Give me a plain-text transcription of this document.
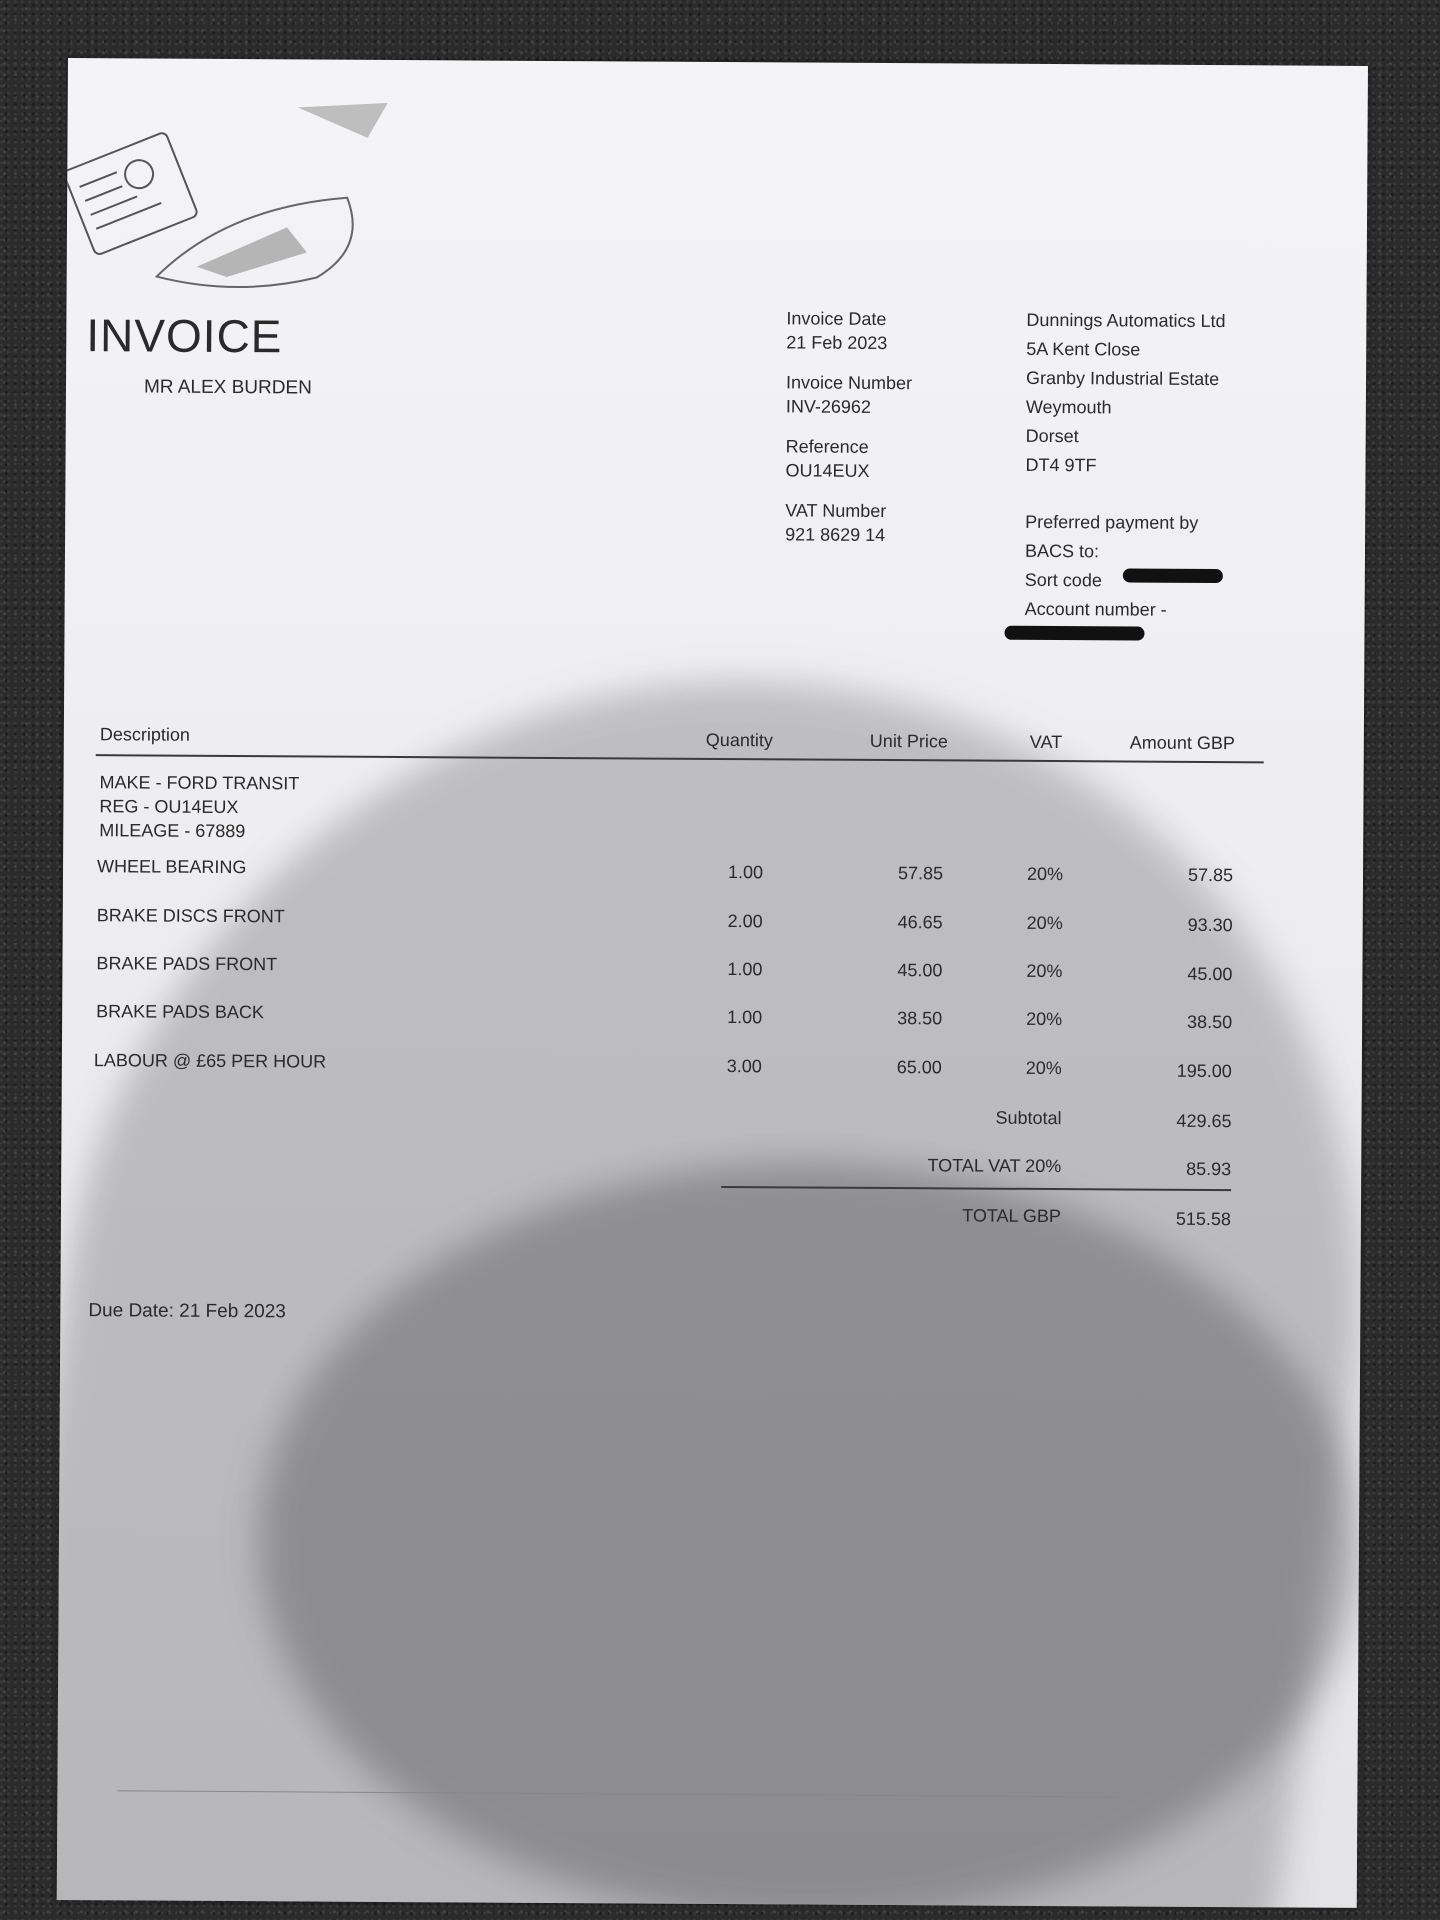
INVOICE
MR ALEX BURDEN
Invoice Date
21 Feb 2023
Invoice Number
INV-26962
Reference
OU14EUX
VAT Number
921 8629 14
Dunnings Automatics Ltd
5A Kent Close
Granby Industrial Estate
Weymouth
Dorset
DT4 9TF
Preferred payment by
BACS to:
Sort code
Account number -
Description	Quantity	Unit Price	VAT	Amount GBP
MAKE - FORD TRANSIT
REG - OU14EUX
MILEAGE - 67889
WHEEL BEARING	1.00	57.85	20%	57.85
BRAKE DISCS FRONT	2.00	46.65	20%	93.30
BRAKE PADS FRONT	1.00	45.00	20%	45.00
BRAKE PADS BACK	1.00	38.50	20%	38.50
LABOUR @ £65 PER HOUR	3.00	65.00	20%	195.00
Subtotal	429.65
TOTAL VAT 20%	85.93
TOTAL GBP	515.58
Due Date: 21 Feb 2023
